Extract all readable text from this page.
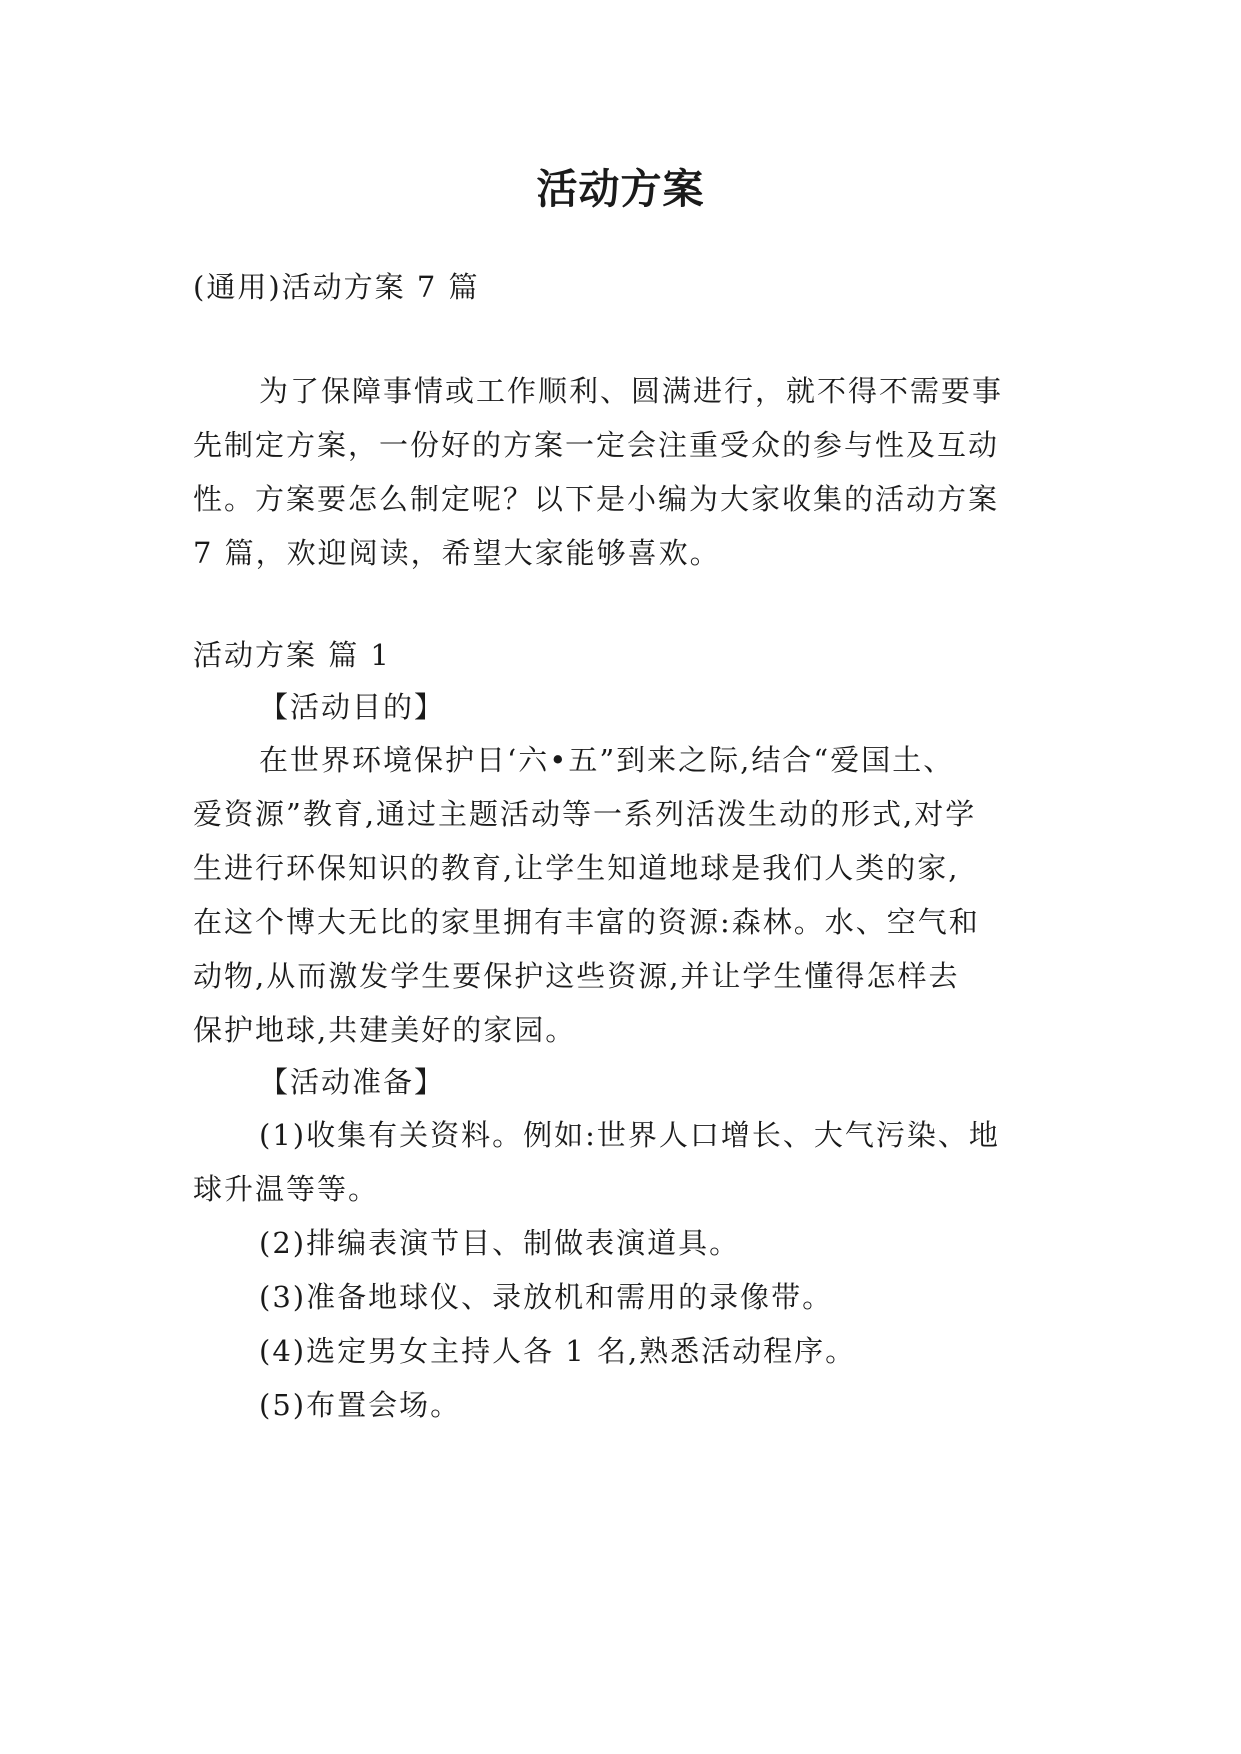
活动方案

(通用)活动方案 7 篇

为了保障事情或工作顺利、圆满进行，就不得不需要事

先制定方案，一份好的方案一定会注重受众的参与性及互动

性。方案要怎么制定呢？以下是小编为大家收集的活动方案

7 篇，欢迎阅读，希望大家能够喜欢。

活动方案 篇 1

【活动目的】

在世界环境保护日‘六•五”到来之际,结合“爱国土、

爱资源”教育,通过主题活动等一系列活泼生动的形式,对学

生进行环保知识的教育,让学生知道地球是我们人类的家,

在这个博大无比的家里拥有丰富的资源:森林。水、空气和

动物,从而激发学生要保护这些资源,并让学生懂得怎样去

保护地球,共建美好的家园。

【活动准备】

(1)收集有关资料。例如:世界人口增长、大气污染、地

球升温等等。

(2)排编表演节目、制做表演道具。

(3)准备地球仪、录放机和需用的录像带。

(4)选定男女主持人各 1 名,熟悉活动程序。

(5)布置会场。
